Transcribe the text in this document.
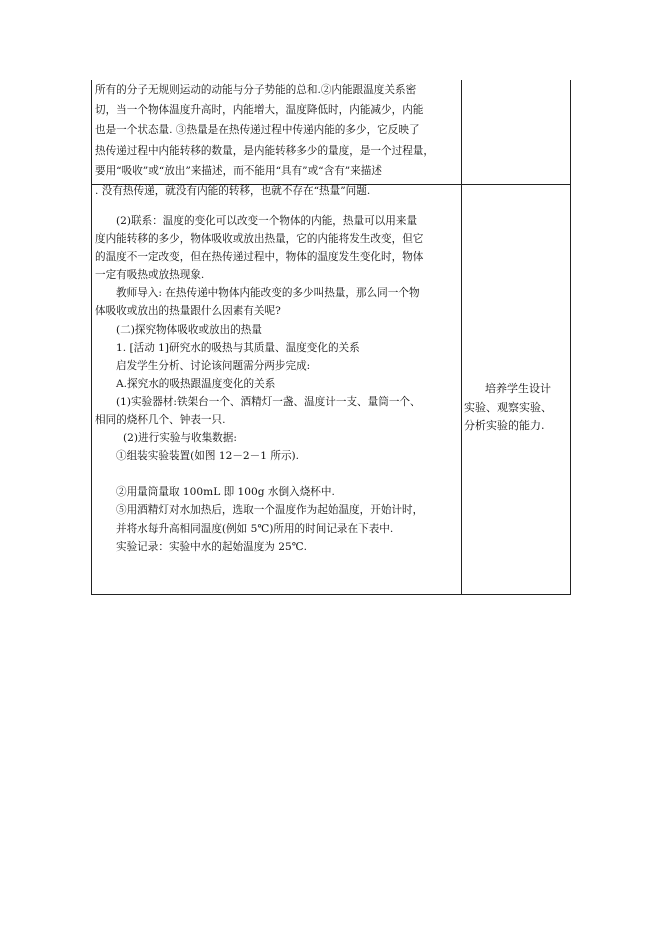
所有的分子无规则运动的动能与分子势能的总和.②内能跟温度关系密

切，当一个物体温度升高时，内能增大，温度降低时，内能减少，内能

也是一个状态量. ③热量是在热传递过程中传递内能的多少，它反映了

热传递过程中内能转移的数量，是内能转移多少的量度，是一个过程量，

要用“吸收”或“放出”来描述，而不能用“具有”或“含有”来描述

. 没有热传递，就没有内能的转移，也就不存在“热量”问题.

(2)联系：温度的变化可以改变一个物体的内能，热量可以用来量

度内能转移的多少，物体吸收或放出热量，它的内能将发生改变，但它

的温度不一定改变，但在热传递过程中，物体的温度发生变化时，物体

一定有吸热或放热现象.

教师导入: 在热传递中物体内能改变的多少叫热量，那么同一个物

体吸收或放出的热量跟什么因素有关呢?

(二)探究物体吸收或放出的热量

1. [活动 1]研究水的吸热与其质量、温度变化的关系

启发学生分析、讨论该问题需分两步完成:

A.探究水的吸热跟温度变化的关系

(1)实验器材:铁架台一个、酒精灯一盏、温度计一支、量筒一个、

相同的烧杯几个、钟表一只.

(2)进行实验与收集数据:

①组装实验装置(如图 12－2－1 所示).

②用量筒量取 100mL 即 100g 水倒入烧杯中.

⑤用酒精灯对水加热后，选取一个温度作为起始温度，开始计时，

并将水每升高相同温度(例如 5℃)所用的时间记录在下表中.

实验记录：实验中水的起始温度为 25℃.

培养学生设计

实验、观察实验、

分析实验的能力.
